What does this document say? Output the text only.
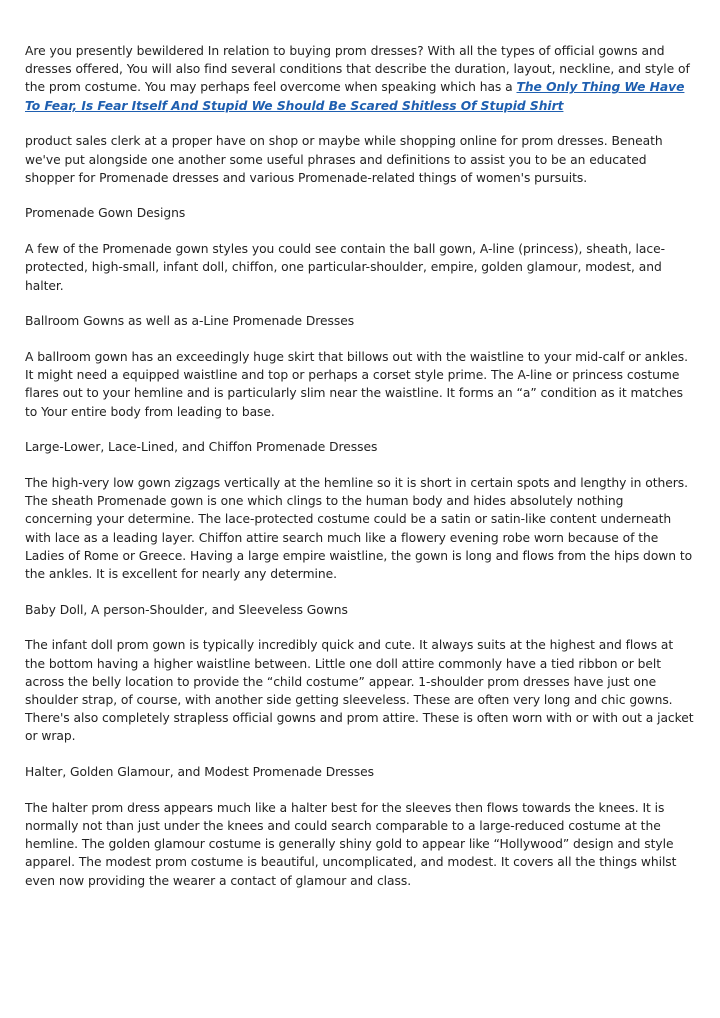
Are you presently bewildered In relation to buying prom dresses? With all the types of official gowns and dresses offered, You will also find several conditions that describe the duration, layout, neckline, and style of the prom costume. You may perhaps feel overcome when speaking which has a The Only Thing We Have To Fear, Is Fear Itself And Stupid We Should Be Scared Shitless Of Stupid Shirt

product sales clerk at a proper have on shop or maybe while shopping online for prom dresses. Beneath we've put alongside one another some useful phrases and definitions to assist you to be an educated shopper for Promenade dresses and various Promenade-related things of women's pursuits.

Promenade Gown Designs

A few of the Promenade gown styles you could see contain the ball gown, A-line (princess), sheath, lace-protected, high-small, infant doll, chiffon, one particular-shoulder, empire, golden glamour, modest, and halter.

Ballroom Gowns as well as a-Line Promenade Dresses

A ballroom gown has an exceedingly huge skirt that billows out with the waistline to your mid-calf or ankles. It might need a equipped waistline and top or perhaps a corset style prime. The A-line or princess costume flares out to your hemline and is particularly slim near the waistline. It forms an “a” condition as it matches to Your entire body from leading to base.

Large-Lower, Lace-Lined, and Chiffon Promenade Dresses

The high-very low gown zigzags vertically at the hemline so it is short in certain spots and lengthy in others. The sheath Promenade gown is one which clings to the human body and hides absolutely nothing concerning your determine. The lace-protected costume could be a satin or satin-like content underneath with lace as a leading layer. Chiffon attire search much like a flowery evening robe worn because of the Ladies of Rome or Greece. Having a large empire waistline, the gown is long and flows from the hips down to the ankles. It is excellent for nearly any determine.

Baby Doll, A person-Shoulder, and Sleeveless Gowns

The infant doll prom gown is typically incredibly quick and cute. It always suits at the highest and flows at the bottom having a higher waistline between. Little one doll attire commonly have a tied ribbon or belt across the belly location to provide the “child costume” appear. 1-shoulder prom dresses have just one shoulder strap, of course, with another side getting sleeveless. These are often very long and chic gowns. There's also completely strapless official gowns and prom attire. These is often worn with or with out a jacket or wrap.

Halter, Golden Glamour, and Modest Promenade Dresses

The halter prom dress appears much like a halter best for the sleeves then flows towards the knees. It is normally not than just under the knees and could search comparable to a large-reduced costume at the hemline. The golden glamour costume is generally shiny gold to appear like “Hollywood” design and style apparel. The modest prom costume is beautiful, uncomplicated, and modest. It covers all the things whilst even now providing the wearer a contact of glamour and class.
